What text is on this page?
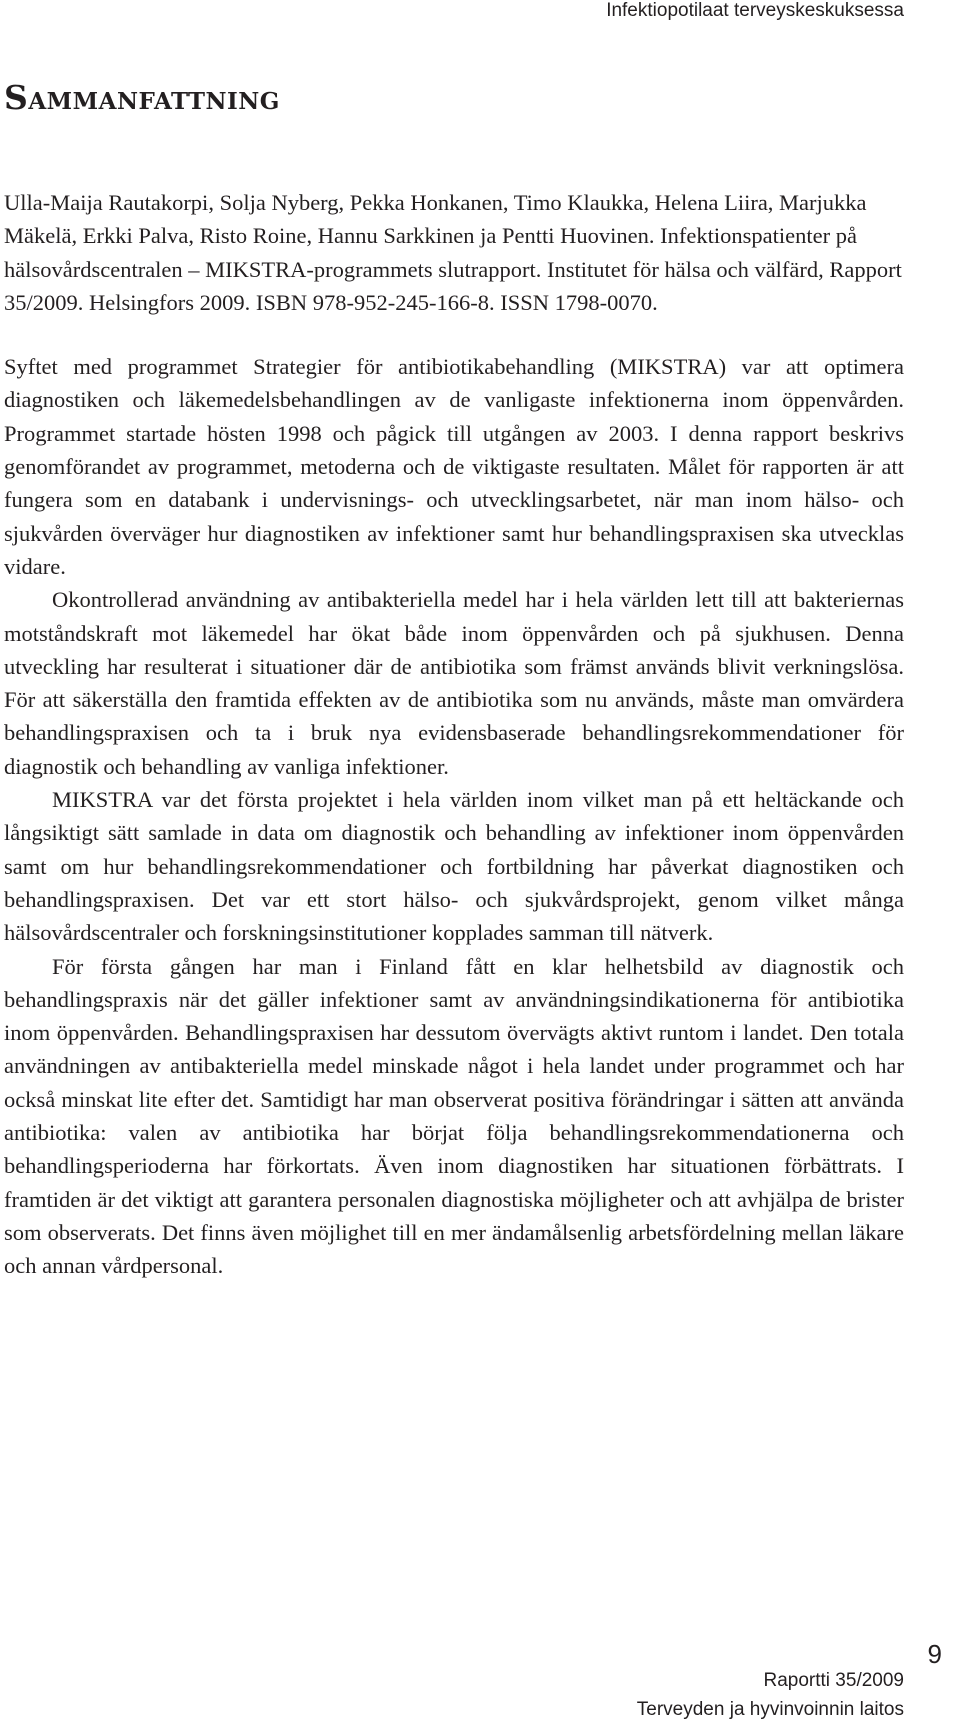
Infektiopotilaat terveyskeskuksessa
Sammanfattning

Ulla-Maija Rautakorpi, Solja Nyberg, Pekka Honkanen, Timo Klaukka, Helena Liira, Marjukka Mäkelä, Erkki Palva, Risto Roine, Hannu Sarkkinen ja Pentti Huovinen. Infektionspatienter på hälsovårdscentralen – MIKSTRA-programmets slutrapport. Institutet för hälsa och välfärd, Rapport 35/2009. Helsingfors 2009. ISBN 978-952-245-166-8. ISSN 1798-0070.

Syftet med programmet Strategier för antibiotikabehandling (MIKSTRA) var att optimera diagnostiken och läkemedelsbehandlingen av de vanligaste infektionerna inom öppenvården. Programmet startade hösten 1998 och pågick till utgången av 2003. I denna rapport beskrivs genomförandet av programmet, metoderna och de viktigaste resultaten. Målet för rapporten är att fungera som en databank i undervisnings- och utvecklingsarbetet, när man inom hälso- och sjukvården överväger hur diagnostiken av infektioner samt hur behandlingspraxisen ska utvecklas vidare.

Okontrollerad användning av antibakteriella medel har i hela världen lett till att bakteriernas motståndskraft mot läkemedel har ökat både inom öppenvården och på sjukhusen. Denna utveckling har resulterat i situationer där de antibiotika som främst används blivit verkningslösa. För att säkerställa den framtida effekten av de antibiotika som nu används, måste man omvärdera behandlingspraxisen och ta i bruk nya evidensbaserade behandlingsrekommendationer för diagnostik och behandling av vanliga infektioner.

MIKSTRA var det första projektet i hela världen inom vilket man på ett heltäckande och långsiktigt sätt samlade in data om diagnostik och behandling av infektioner inom öppenvården samt om hur behandlingsrekommendationer och fortbildning har påverkat diagnostiken och behandlingspraxisen. Det var ett stort hälso- och sjukvårdsprojekt, genom vilket många hälsovårdscentraler och forskningsinstitutioner kopplades samman till nätverk.

För första gången har man i Finland fått en klar helhetsbild av diagnostik och behandlingspraxis när det gäller infektioner samt av användningsindikationerna för antibiotika inom öppenvården. Behandlingspraxisen har dessutom övervägts aktivt runtom i landet. Den totala användningen av antibakteriella medel minskade något i hela landet under programmet och har också minskat lite efter det. Samtidigt har man observerat positiva förändringar i sätten att använda antibiotika: valen av antibiotika har börjat följa behandlingsrekommendationerna och behandlingsperioderna har förkortats. Även inom diagnostiken har situationen förbättrats. I framtiden är det viktigt att garantera personalen diagnostiska möjligheter och att avhjälpa de brister som observerats. Det finns även möjlighet till en mer ändamålsenlig arbetsfördelning mellan läkare och annan vårdpersonal.

Raportti 35/2009
Terveyden ja hyvinvoinnin laitos
9
